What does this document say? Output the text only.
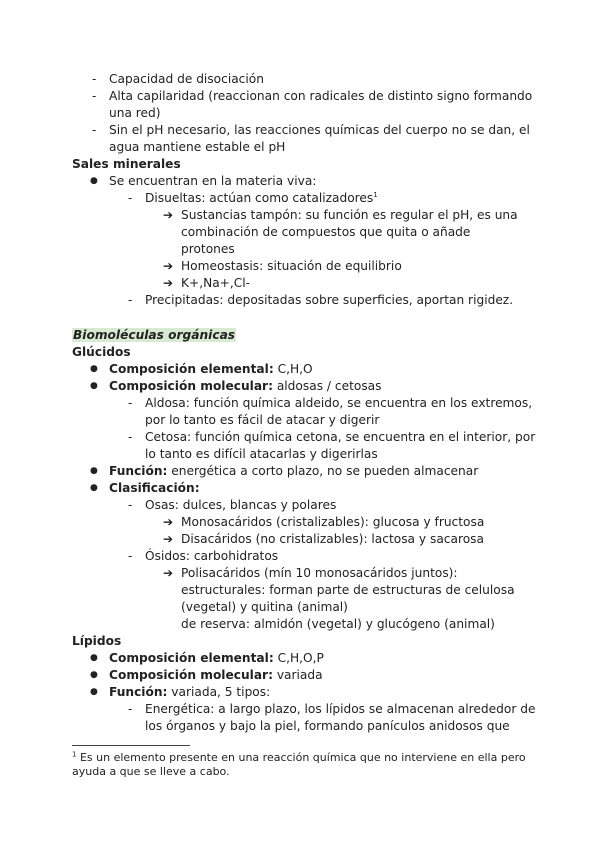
- Capacidad de disociación
- Alta capilaridad (reaccionan con radicales de distinto signo formando
una red)
- Sin el pH necesario, las reacciones químicas del cuerpo no se dan, el
agua mantiene estable el pH
Sales minerales
● Se encuentran en la materia viva:
- Disueltas: actúan como catalizadores$^1$
➔ Sustancias tampón: su función es regular el pH, es una
combinación de compuestos que quita o añade
protones
➔ Homeostasis: situación de equilibrio
➔ K+,Na+,Cl-
- Precipitadas: depositadas sobre superficies, aportan rigidez.
Biomoléculas orgánicas
Glúcidos
● Composición elemental: C,H,O
● Composición molecular: aldosas / cetosas
- Aldosa: función química aldeido, se encuentra en los extremos,
por lo tanto es fácil de atacar y digerir
- Cetosa: función química cetona, se encuentra en el interior, por
lo tanto es difícil atacarlas y digerirlas
● Función: energética a corto plazo, no se pueden almacenar
● Clasificación:
- Osas: dulces, blancas y polares
➔ Monosacáridos (cristalizables): glucosa y fructosa
➔ Disacáridos (no cristalizables): lactosa y sacarosa
- Ósidos: carbohidratos
➔ Polisacáridos (mín 10 monosacáridos juntos):
estructurales: forman parte de estructuras de celulosa
(vegetal) y quitina (animal)
de reserva: almidón (vegetal) y glucógeno (animal)
Lípidos
● Composición elemental: C,H,O,P
● Composición molecular: variada
● Función: variada, 5 tipos:
- Energética: a largo plazo, los lípidos se almacenan alrededor de
los órganos y bajo la piel, formando panículos anidosos que
$^1$ Es un elemento presente en una reacción química que no interviene en ella pero
ayuda a que se lleve a cabo.
